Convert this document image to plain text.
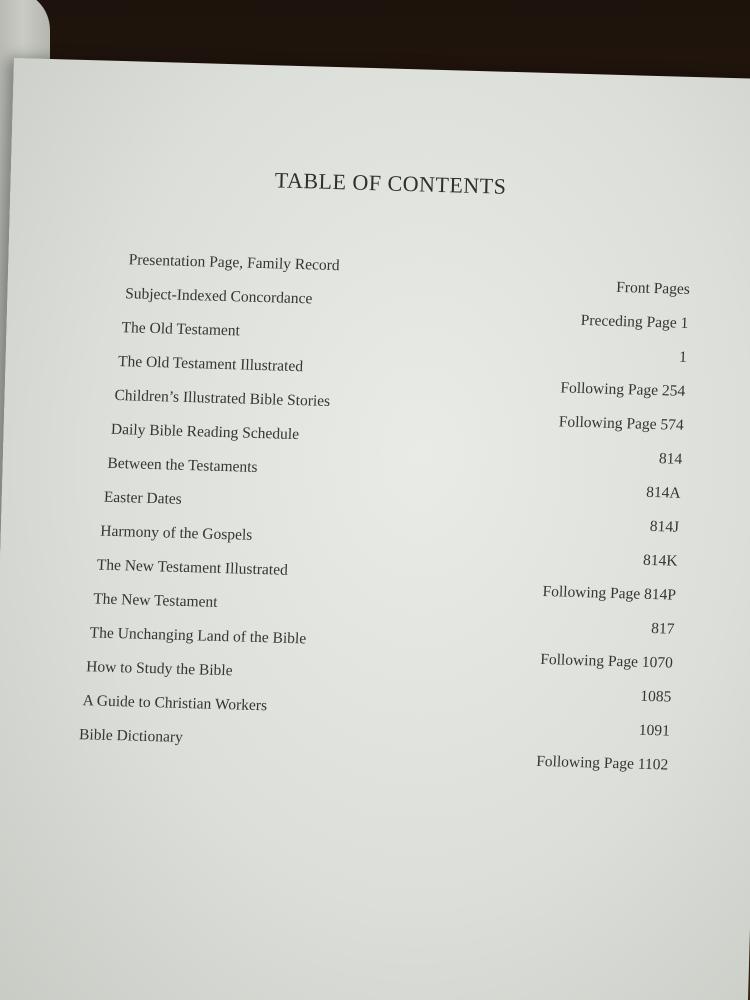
TABLE OF CONTENTS
Presentation Page, Family Record
Front Pages
Subject-Indexed Concordance
Preceding Page 1
The Old Testament
1
The Old Testament Illustrated
Following Page 254
Children’s Illustrated Bible Stories
Following Page 574
Daily Bible Reading Schedule
814
Between the Testaments
814A
Easter Dates
814J
Harmony of the Gospels
814K
The New Testament Illustrated
Following Page 814P
The New Testament
817
The Unchanging Land of the Bible
Following Page 1070
How to Study the Bible
1085
A Guide to Christian Workers
1091
Bible Dictionary
Following Page 1102
